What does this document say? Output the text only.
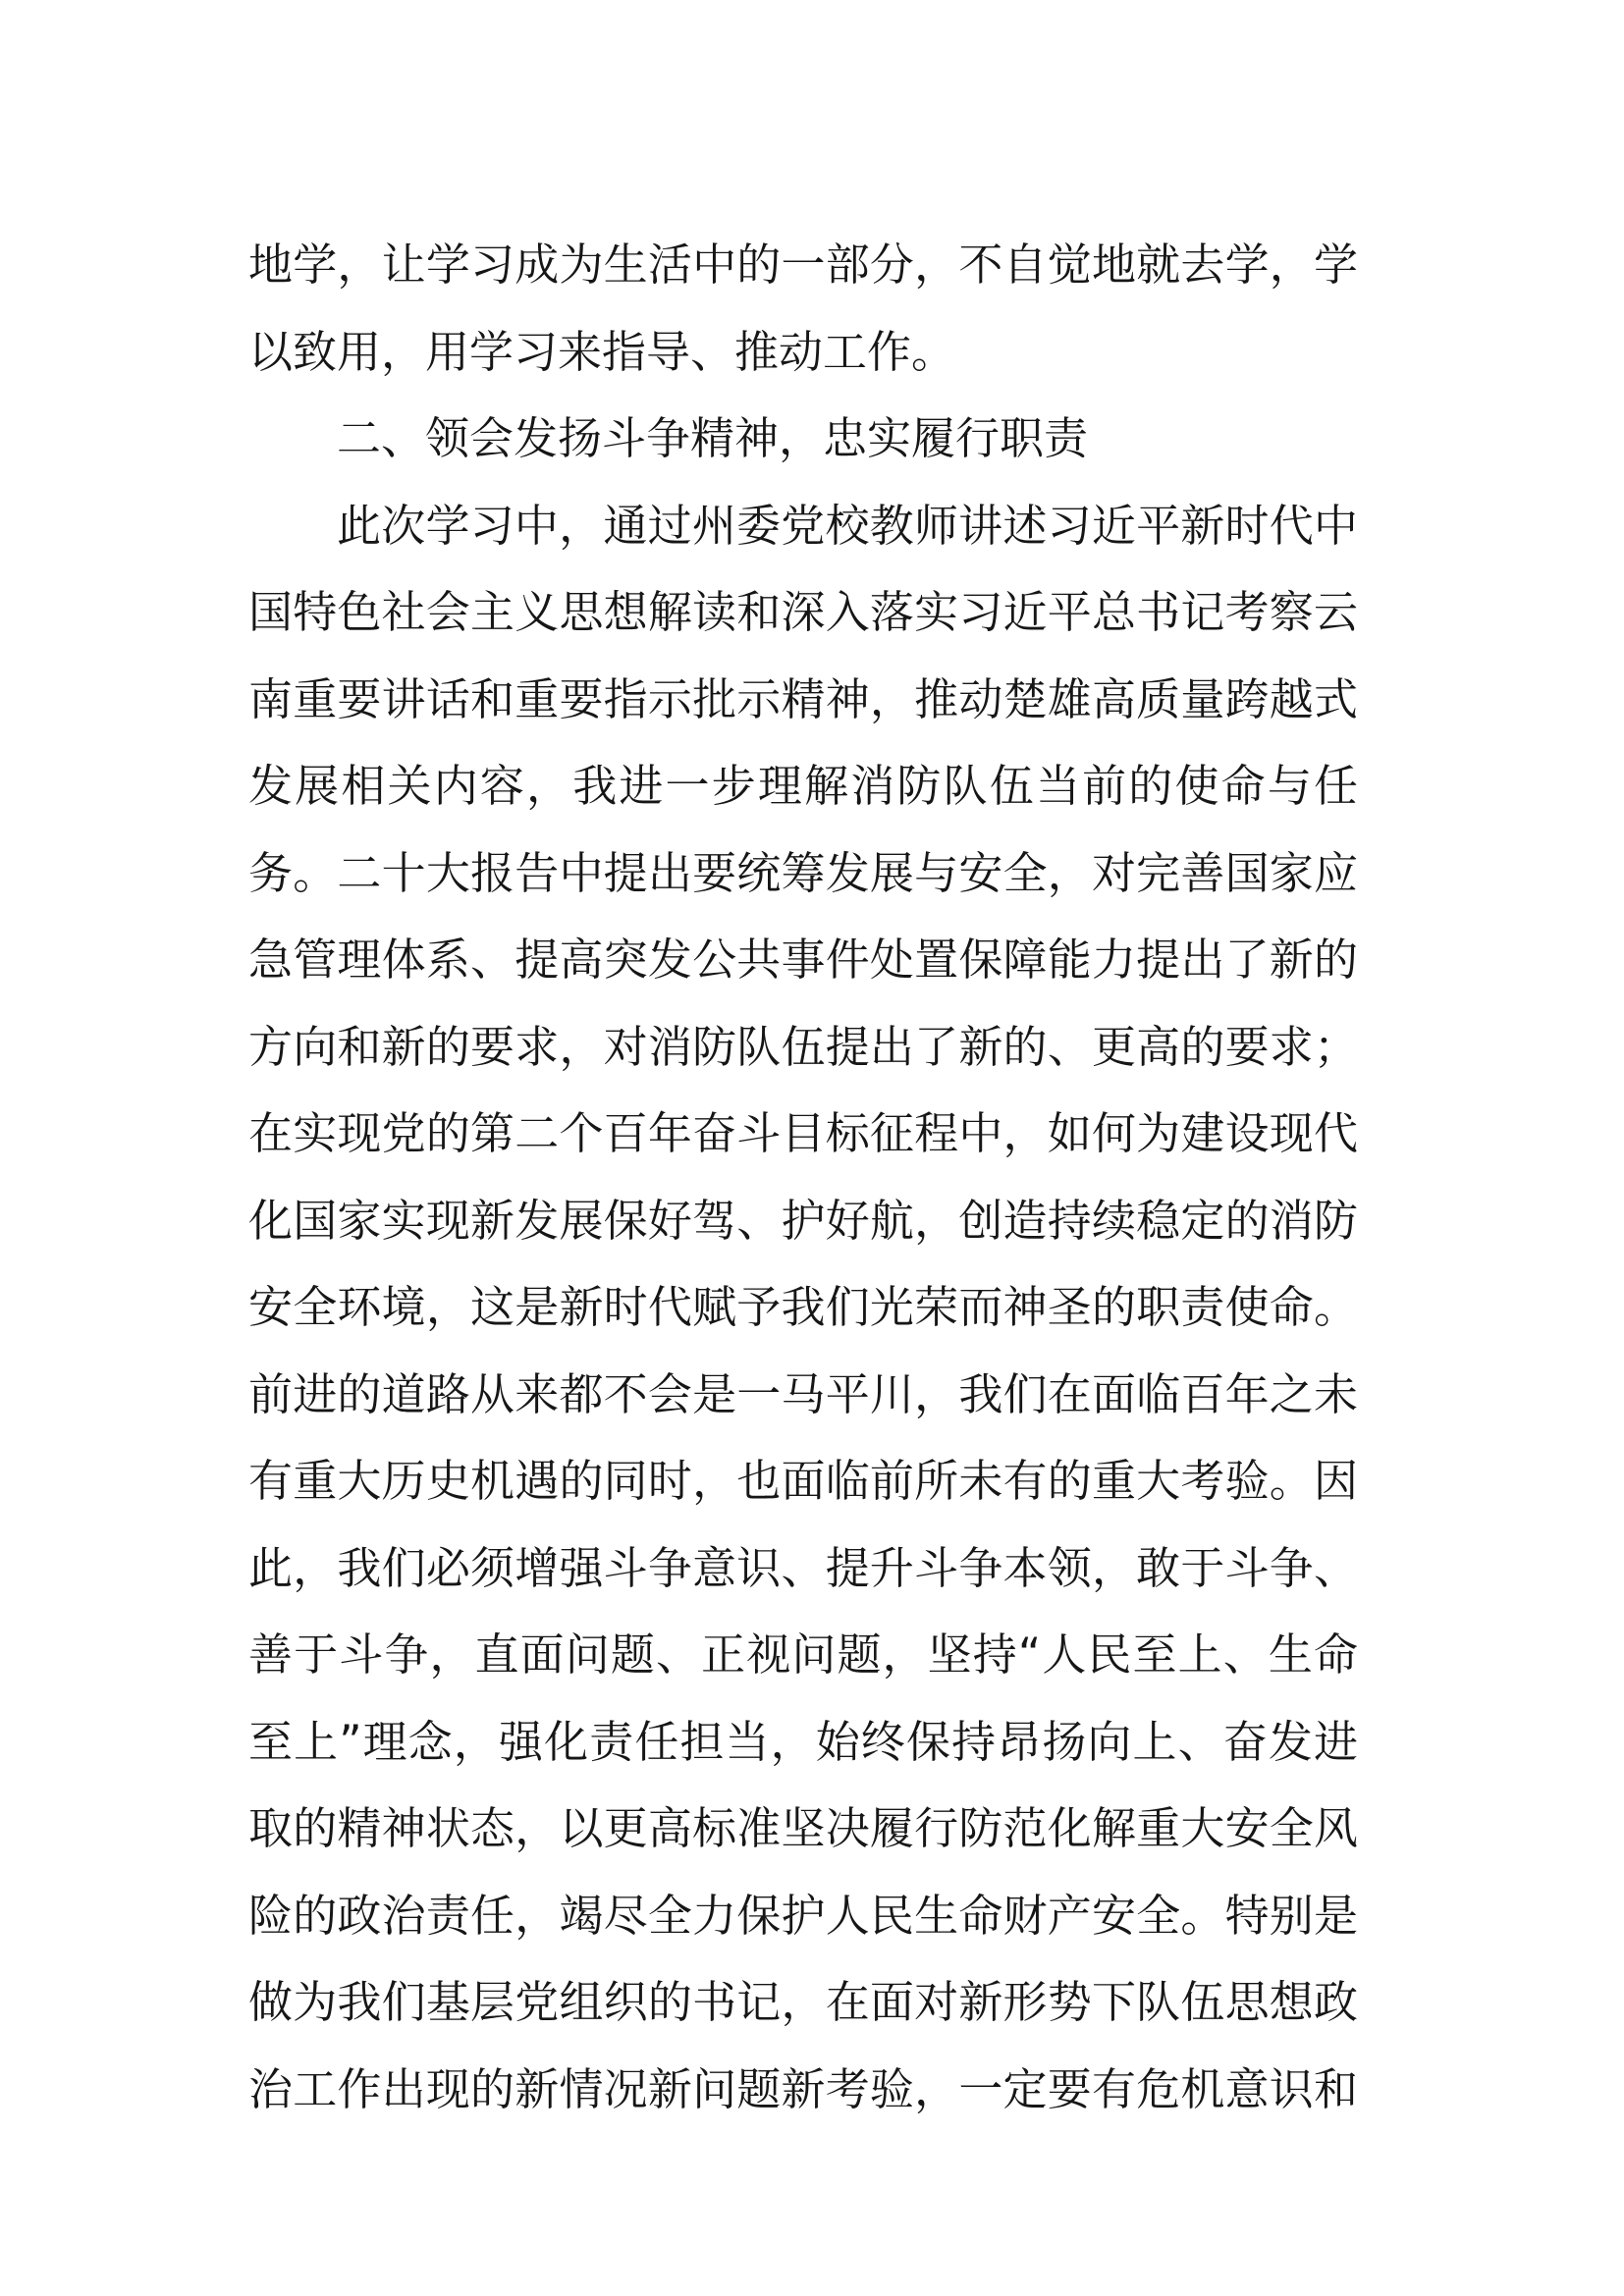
地学，让学习成为生活中的一部分，不自觉地就去学，学
以致用，用学习来指导、推动工作。
二、领会发扬斗争精神，忠实履行职责
此次学习中，通过州委党校教师讲述习近平新时代中
国特色社会主义思想解读和深入落实习近平总书记考察云
南重要讲话和重要指示批示精神，推动楚雄高质量跨越式
发展相关内容，我进一步理解消防队伍当前的使命与任
务。二十大报告中提出要统筹发展与安全，对完善国家应
急管理体系、提高突发公共事件处置保障能力提出了新的
方向和新的要求，对消防队伍提出了新的、更高的要求；
在实现党的第二个百年奋斗目标征程中，如何为建设现代
化国家实现新发展保好驾、护好航，创造持续稳定的消防
安全环境，这是新时代赋予我们光荣而神圣的职责使命。
前进的道路从来都不会是一马平川，我们在面临百年之未
有重大历史机遇的同时，也面临前所未有的重大考验。因
此，我们必须增强斗争意识、提升斗争本领，敢于斗争、
善于斗争，直面问题、正视问题，坚持“人民至上、生命
至上”理念，强化责任担当，始终保持昂扬向上、奋发进
取的精神状态，以更高标准坚决履行防范化解重大安全风
险的政治责任，竭尽全力保护人民生命财产安全。特别是
做为我们基层党组织的书记，在面对新形势下队伍思想政
治工作出现的新情况新问题新考验，一定要有危机意识和
